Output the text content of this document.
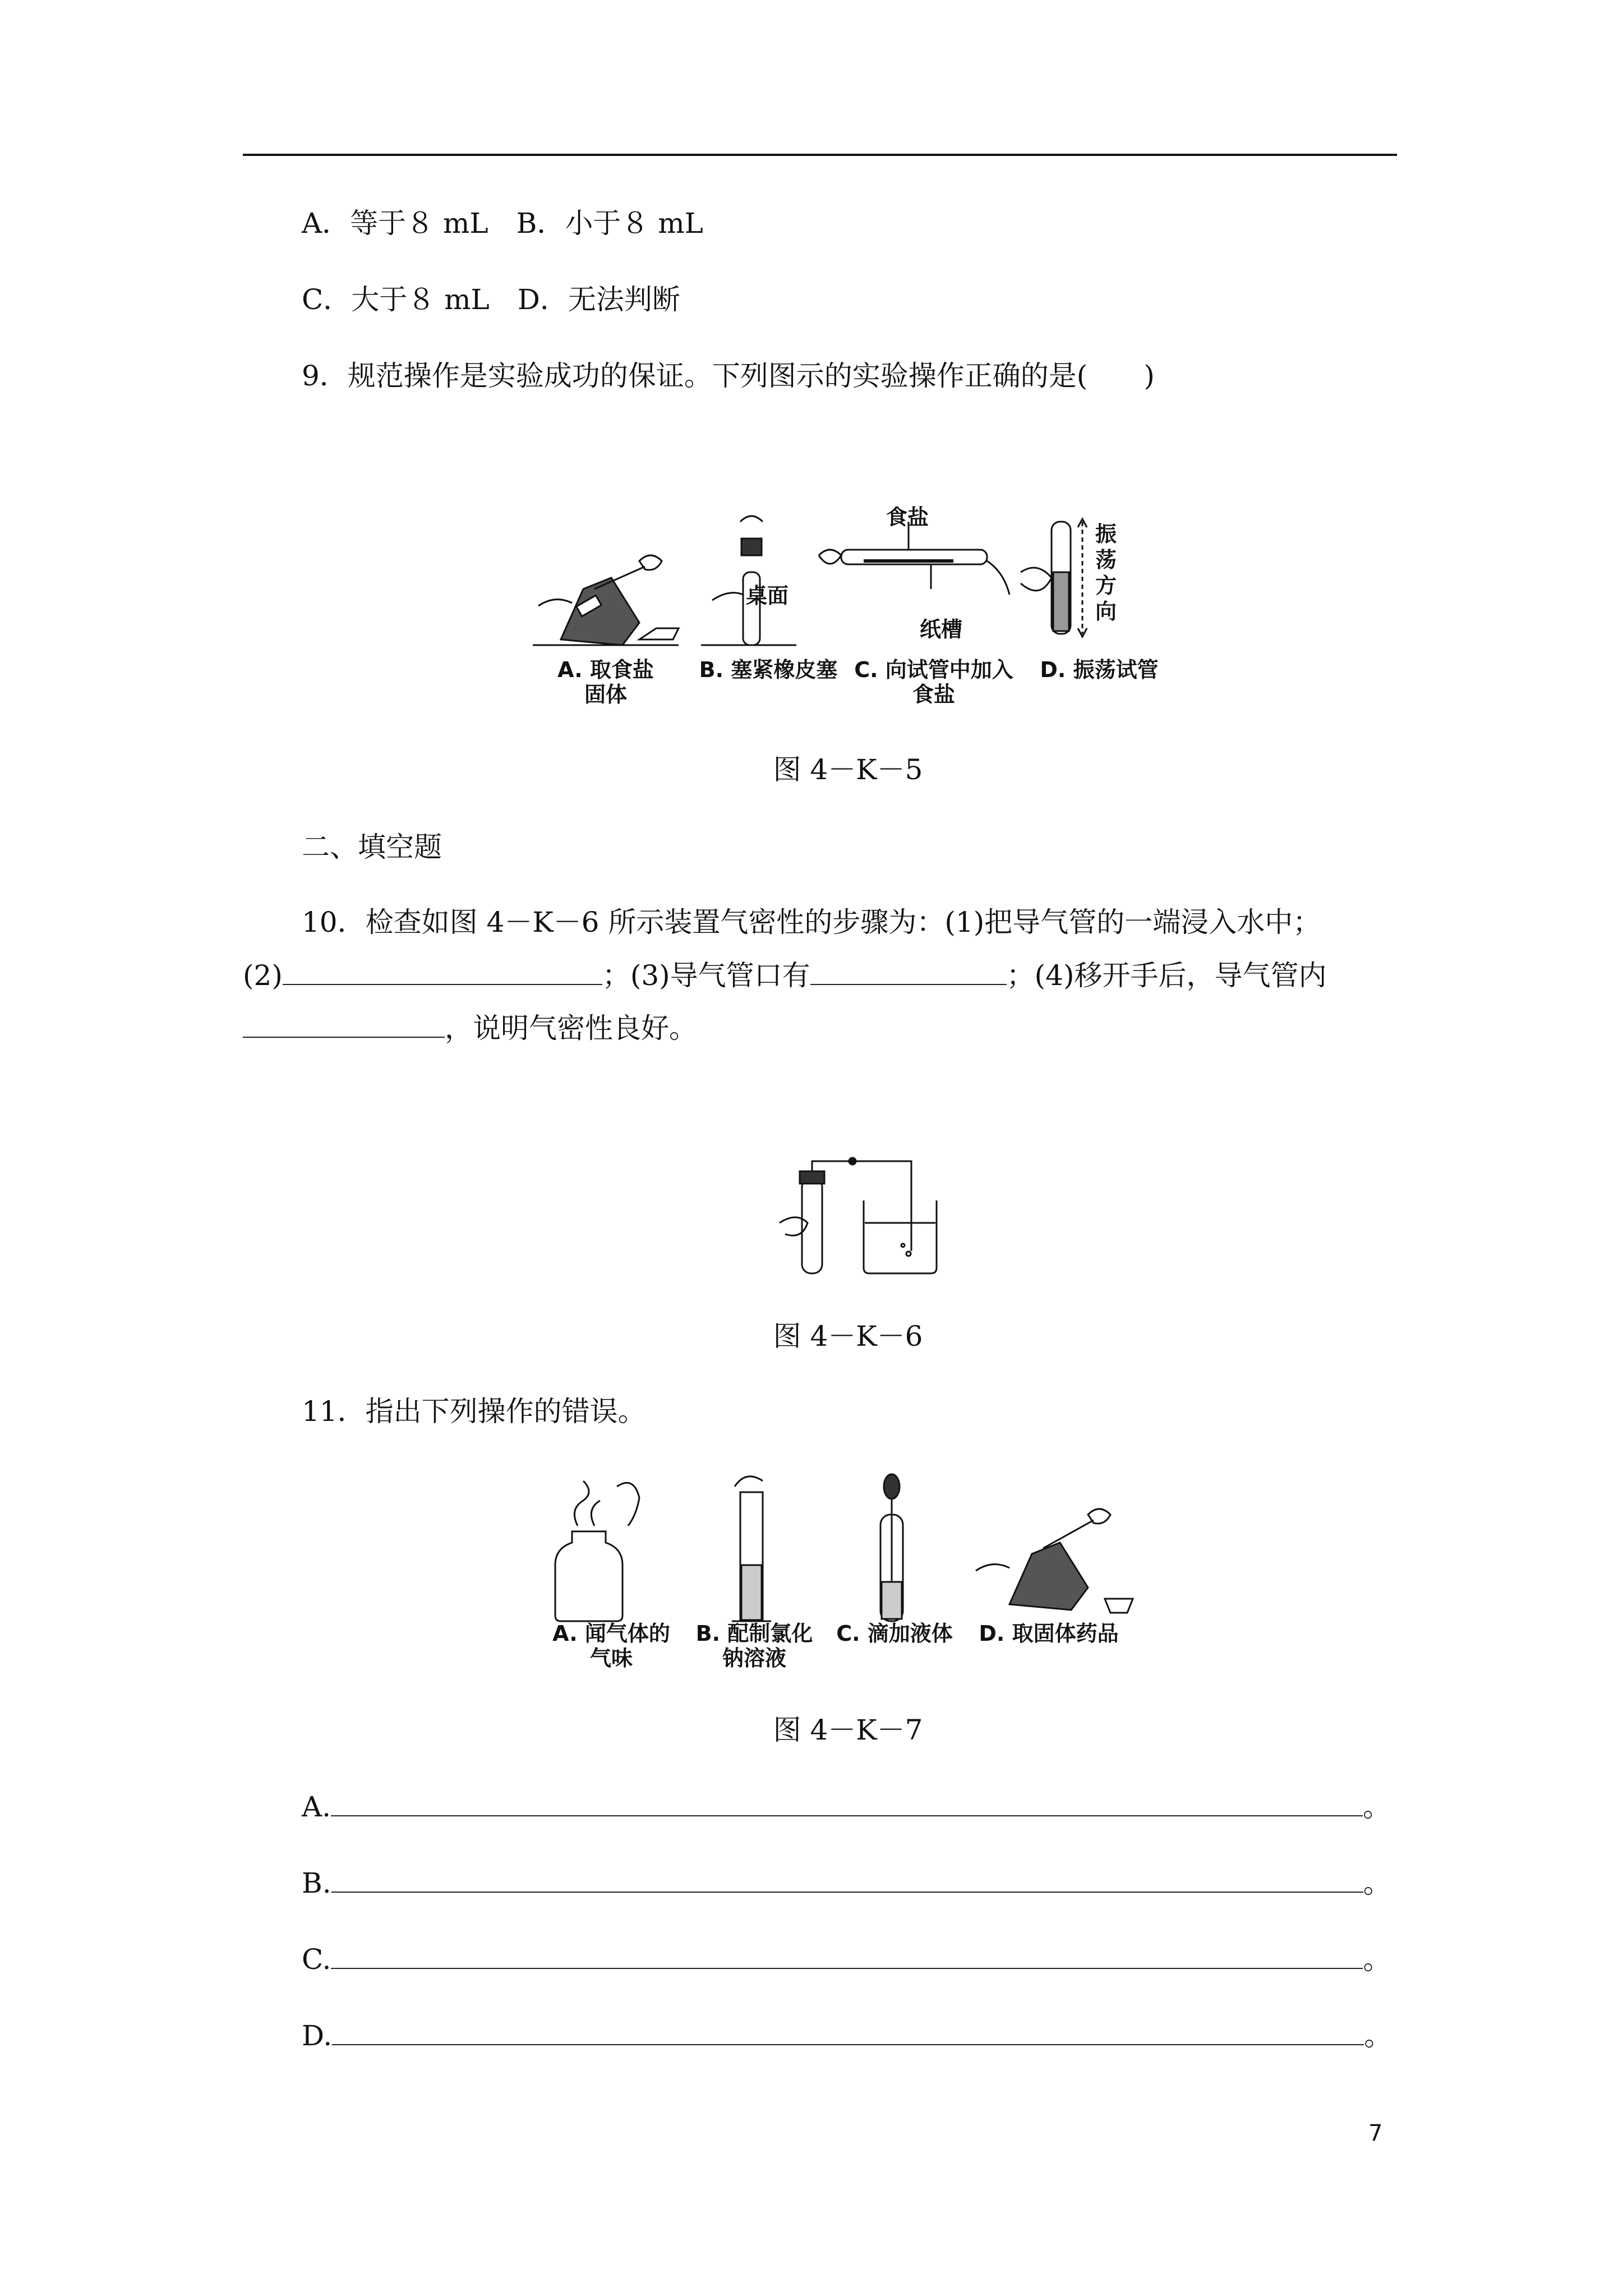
A．等于８ mL　B．小于８ mL
C．大于８ mL　D．无法判断
9．规范操作是实验成功的保证。下列图示的实验操作正确的是(　　)
食盐
桌面
纸槽
振
荡
方
向
A. 取食盐
固体
B. 塞紧橡皮塞 C. 向试管中加入
食盐
D. 振荡试管
图 4－K－5
二、填空题
10．检查如图 4－K－6 所示装置气密性的步骤为：(1)把导气管的一端浸入水中；
(2)	；(3)导气管口有	；(4)移开手后，导气管内
，说明气密性良好。
图 4－K－6
11．指出下列操作的错误。
A. 闻气体的
气味
B. 配制氯化
钠溶液
C. 滴加液体	D. 取固体药品
图 4－K－7
A.	。
B.	。
C.	。
D.	。
7
